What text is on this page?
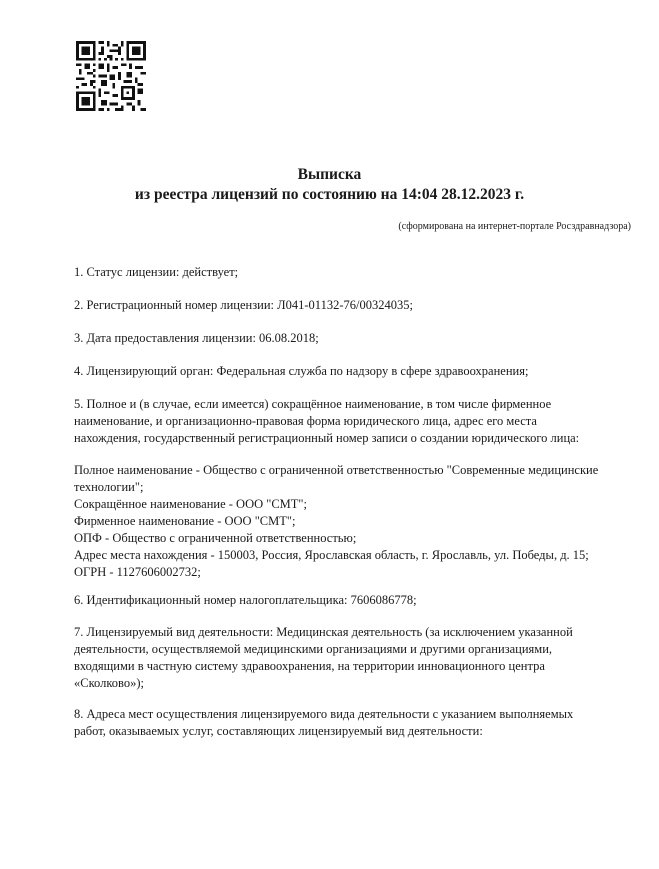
Выписка
из реестра лицензий по состоянию на 14:04 28.12.2023 г.
(сформирована на интернет-портале Росздравнадзора)
1. Статус лицензии: действует;
2. Регистрационный номер лицензии: Л041-01132-76/00324035;
3. Дата предоставления лицензии: 06.08.2018;
4. Лицензирующий орган: Федеральная служба по надзору в сфере здравоохранения;
5. Полное и (в случае, если имеется) сокращённое наименование, в том числе фирменное
наименование, и организационно-правовая форма юридического лица, адрес его места
нахождения, государственный регистрационный номер записи о создании юридического лица:
Полное наименование - Общество с ограниченной ответственностью "Современные медицинские
технологии";
Сокращённое наименование - ООО "СМТ";
Фирменное наименование - ООО "СМТ";
ОПФ - Общество с ограниченной ответственностью;
Адрес места нахождения - 150003, Россия, Ярославская область, г. Ярославль, ул. Победы, д. 15;
ОГРН - 1127606002732;
6. Идентификационный номер налогоплательщика: 7606086778;
7. Лицензируемый вид деятельности: Медицинская деятельность (за исключением указанной
деятельности, осуществляемой медицинскими организациями и другими организациями,
входящими в частную систему здравоохранения, на территории инновационного центра
«Сколково»);
8. Адреса мест осуществления лицензируемого вида деятельности с указанием выполняемых
работ, оказываемых услуг, составляющих лицензируемый вид деятельности:
